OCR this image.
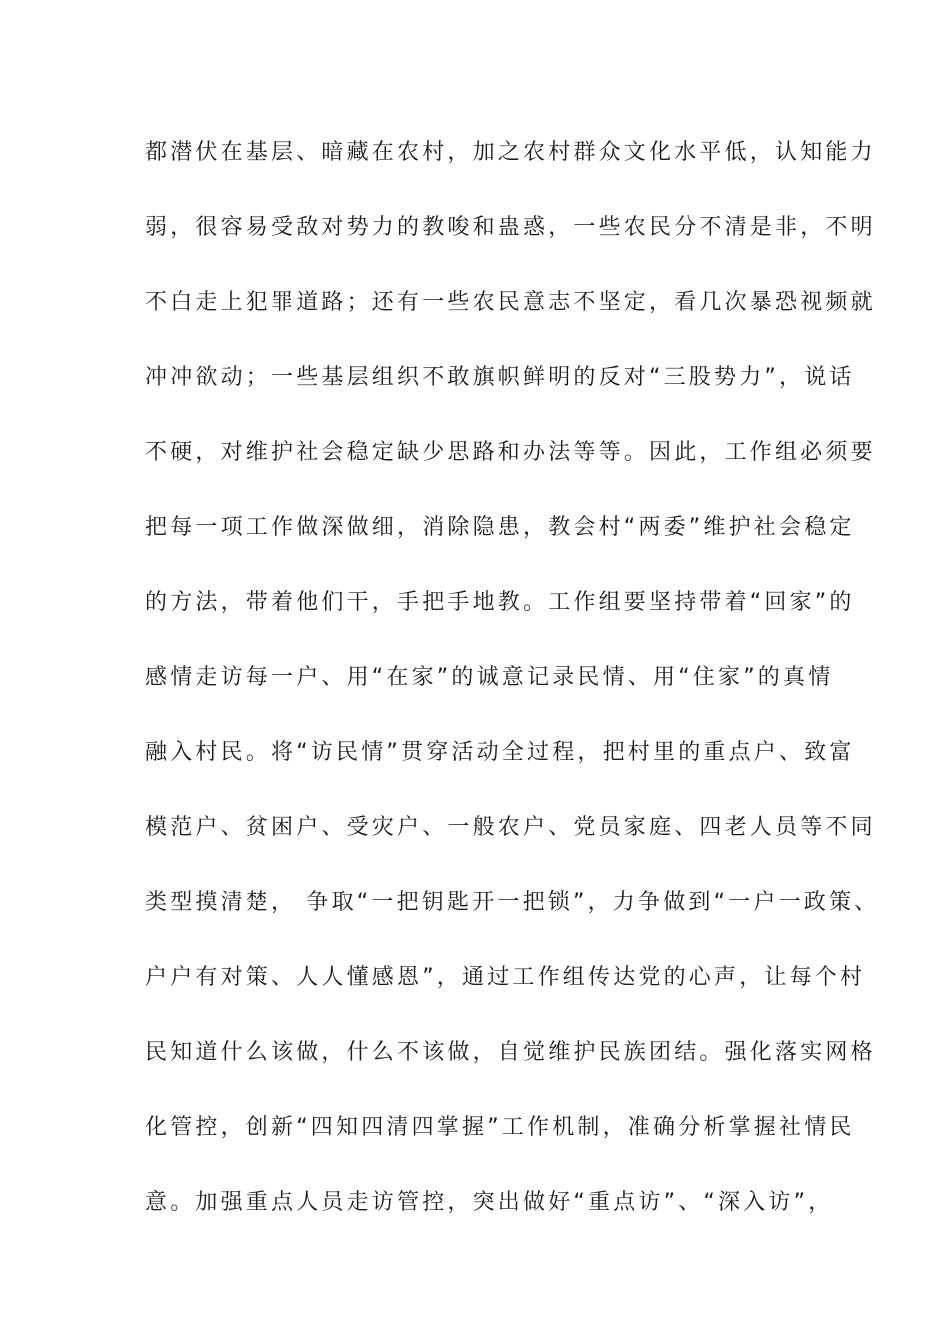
都潜伏在基层、暗藏在农村，加之农村群众文化水平低，认知能力
弱，很容易受敌对势力的教唆和蛊惑，一些农民分不清是非，不明
不白走上犯罪道路；还有一些农民意志不坚定，看几次暴恐视频就
冲冲欲动；一些基层组织不敢旗帜鲜明的反对“三股势力”，说话
不硬，对维护社会稳定缺少思路和办法等等。因此，工作组必须要
把每一项工作做深做细，消除隐患，教会村“两委”维护社会稳定
的方法，带着他们干，手把手地教。工作组要坚持带着“回家”的
感情走访每一户、用“在家”的诚意记录民情、用“住家”的真情
融入村民。将“访民情”贯穿活动全过程，把村里的重点户、致富
模范户、贫困户、受灾户、一般农户、党员家庭、四老人员等不同
类型摸清楚， 争取“一把钥匙开一把锁”，力争做到“一户一政策、
户户有对策、人人懂感恩”，通过工作组传达党的心声，让每个村
民知道什么该做，什么不该做，自觉维护民族团结。强化落实网格
化管控，创新“四知四清四掌握”工作机制，准确分析掌握社情民
意。加强重点人员走访管控，突出做好“重点访”、“深入访”，
